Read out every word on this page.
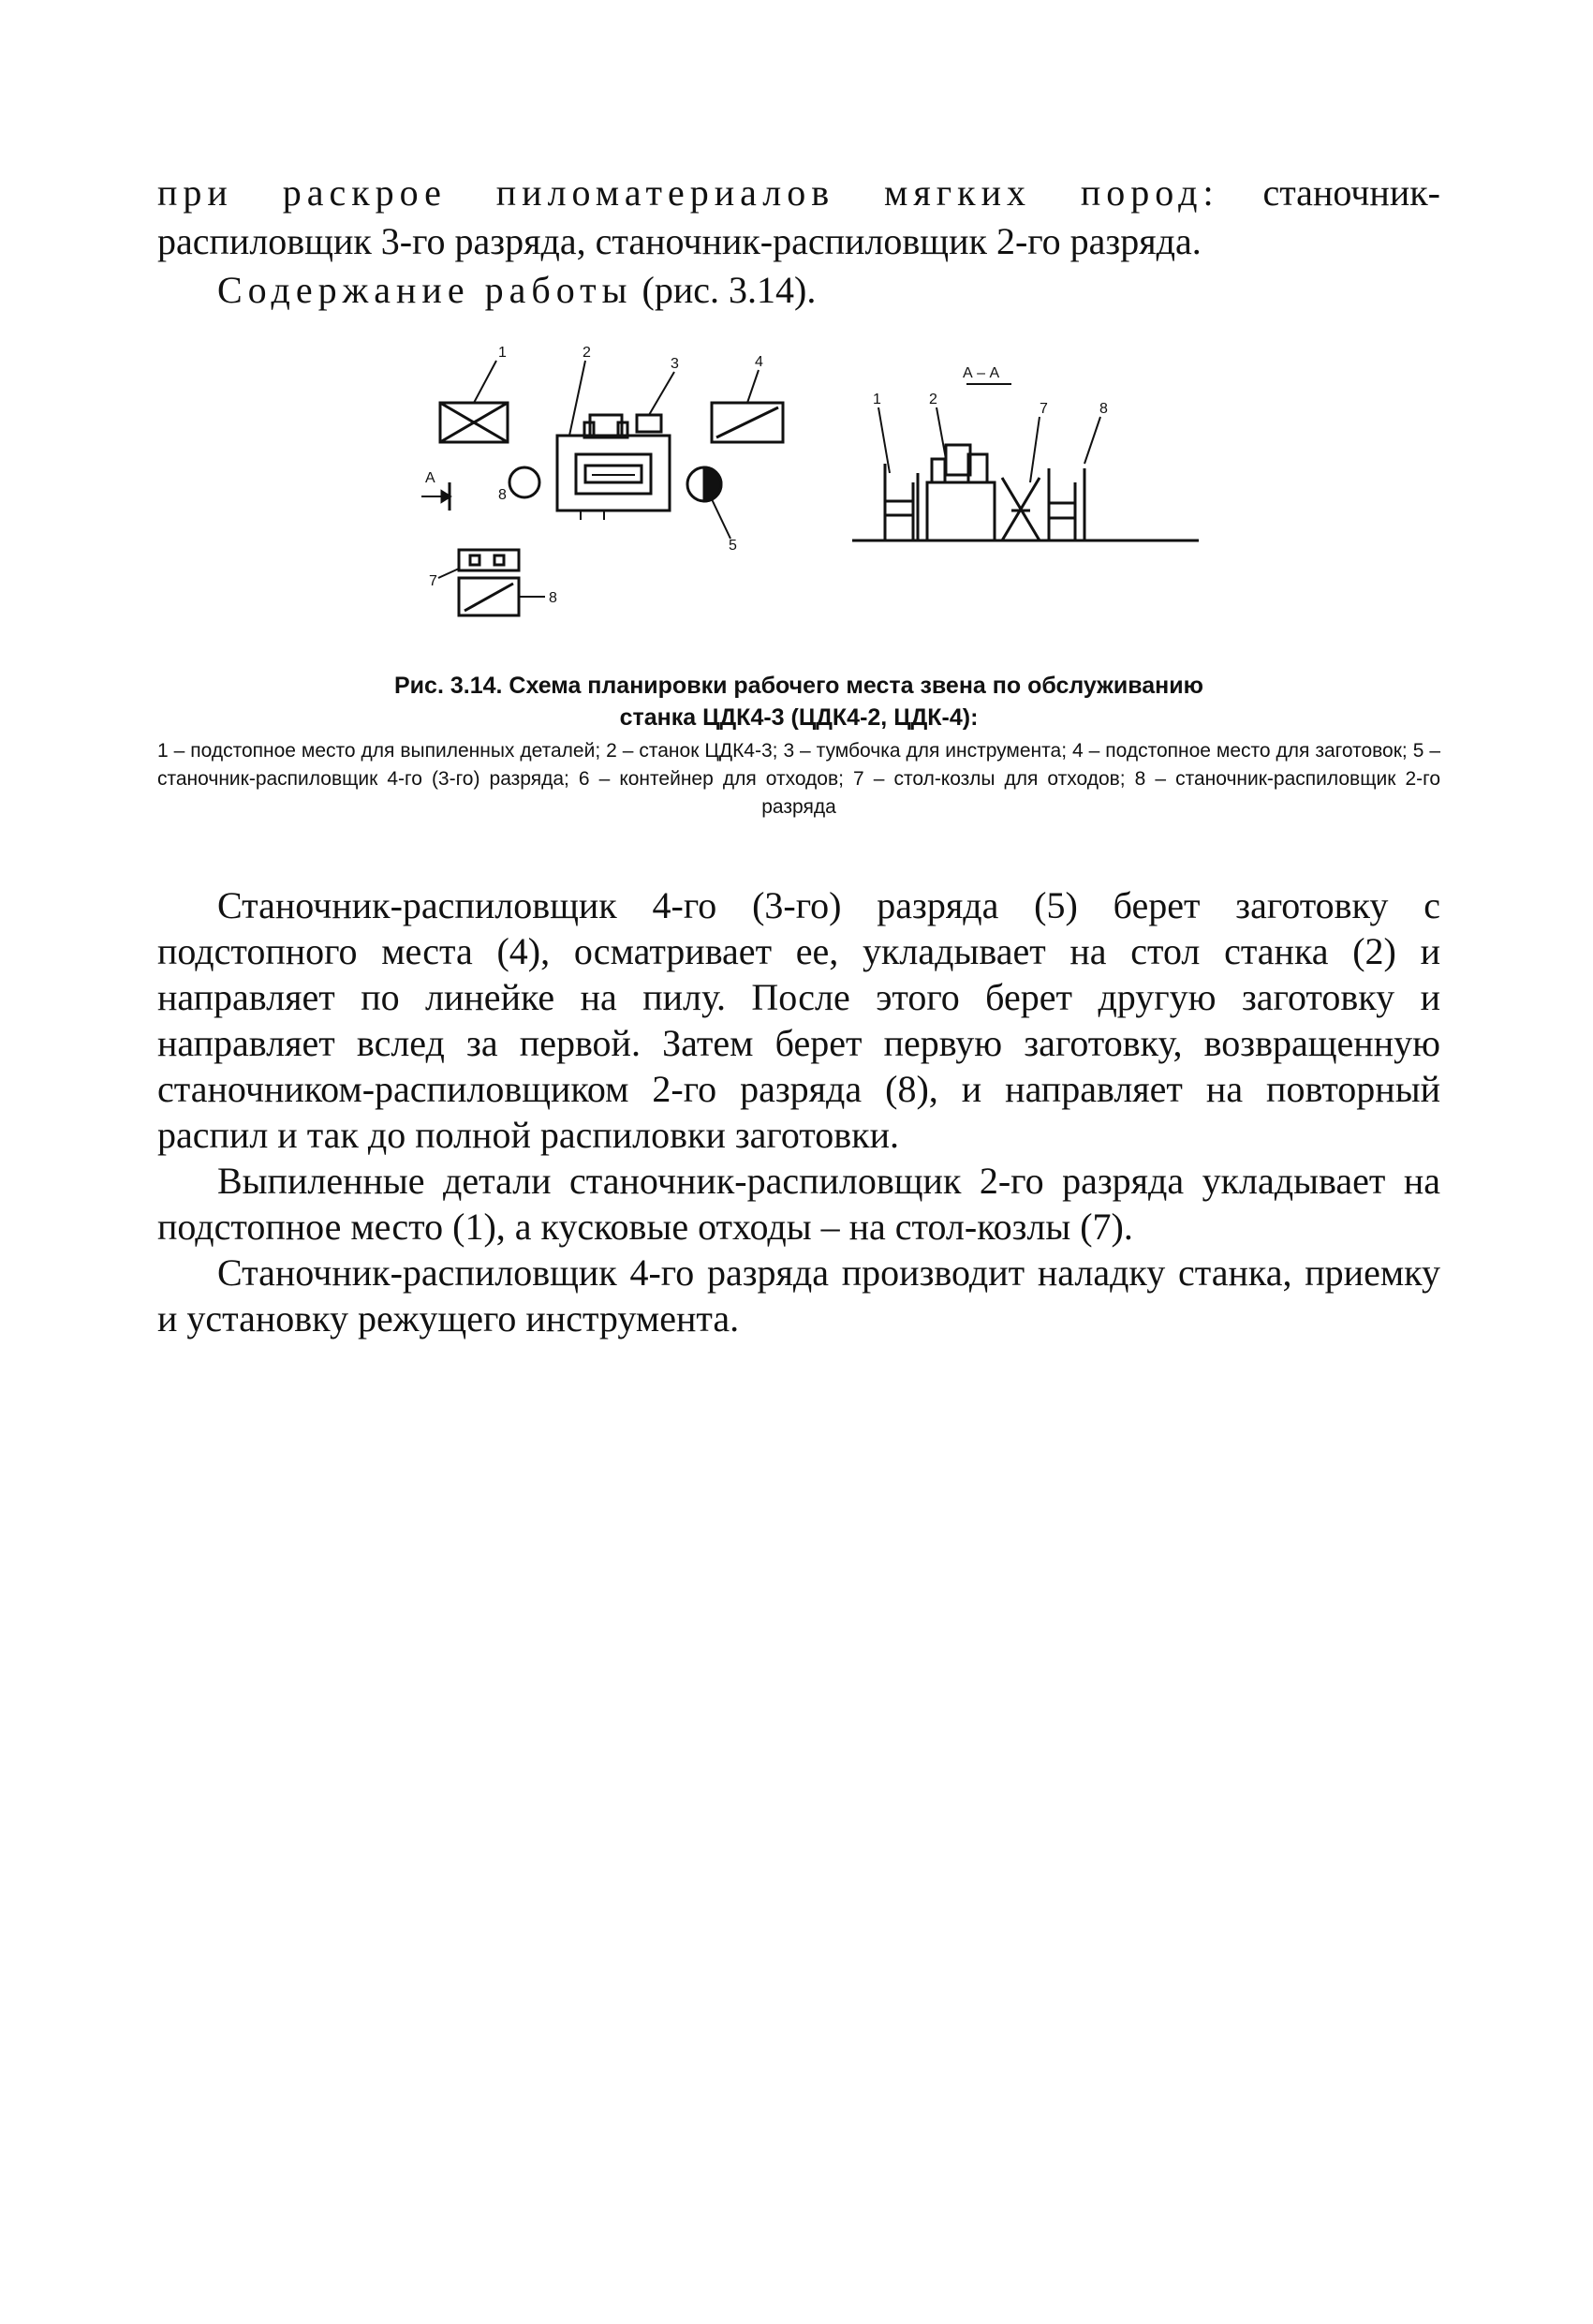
при раскрое пиломатериалов мягких пород: станочник-распиловщик 3-го разряда, станочник-распиловщик 2-го разряда.

Содержание работы (рис. 3.14).

1	2
3	4
5
7
8
8
A
А – А
1	2
7	8

Рис. 3.14. Схема планировки рабочего места звена по обслуживанию

станка ЦДК4-3 (ЦДК4-2, ЦДК-4):

1 – подстопное место для выпиленных деталей; 2 – станок ЦДК4-3; 3 – тумбочка для инструмента; 4 – подстопное место для заготовок; 5 – станочник-распиловщик 4-го (3-го) разряда; 6 – контейнер для отходов; 7 – стол-козлы для отходов; 8 – станочник-распиловщик 2-го разряда

Станочник-распиловщик 4-го (3-го) разряда (5) берет заготовку с подстопного места (4), осматривает ее, укладывает на стол станка (2) и направляет по линейке на пилу. После этого берет другую заготовку и направляет вслед за первой. Затем берет первую заготовку, возвращенную станочником-распиловщиком 2-го разряда (8), и направляет на повторный распил и так до полной распиловки заготовки.

Выпиленные детали станочник-распиловщик 2-го разряда укладывает на подстопное место (1), а кусковые отходы – на стол-козлы (7).

Станочник-распиловщик 4-го разряда производит наладку станка, приемку и установку режущего инструмента.
